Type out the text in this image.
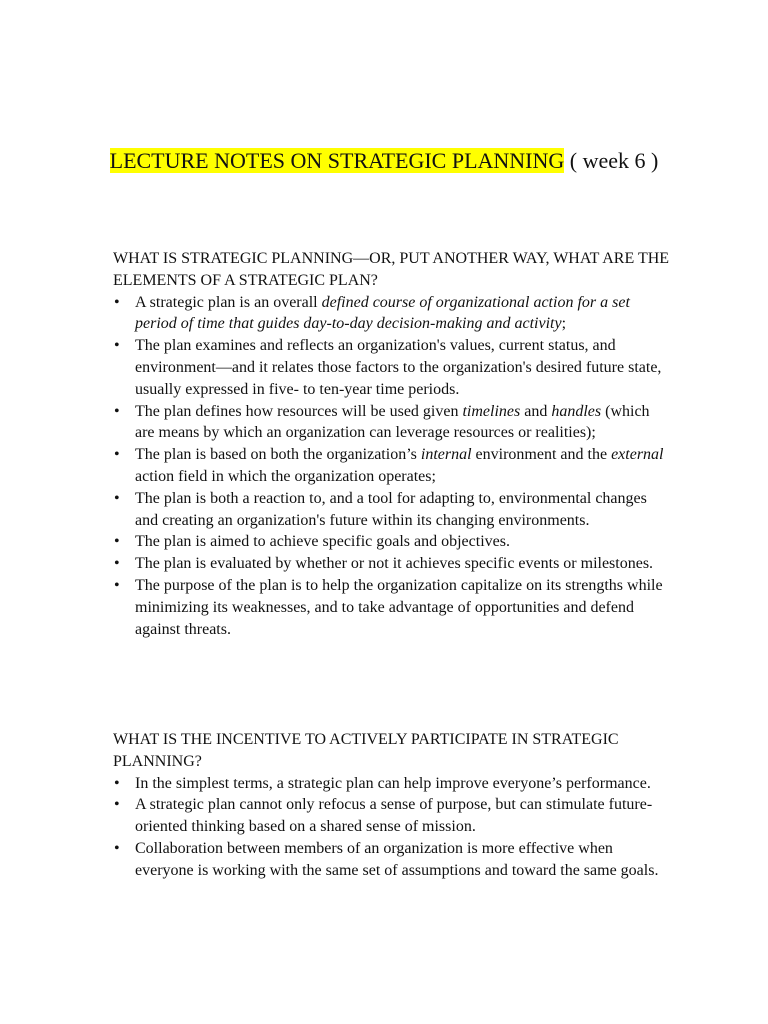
LECTURE NOTES ON STRATEGIC PLANNING ( week 6 )

WHAT IS STRATEGIC PLANNING—OR, PUT ANOTHER WAY, WHAT ARE THE ELEMENTS OF A STRATEGIC PLAN?

• A strategic plan is an overall defined course of organizational action for a set period of time that guides day-to-day decision-making and activity;
• The plan examines and reflects an organization's values, current status, and environment—and it relates those factors to the organization's desired future state, usually expressed in five- to ten-year time periods.
• The plan defines how resources will be used given timelines and handles (which are means by which an organization can leverage resources or realities);
• The plan is based on both the organization’s internal environment and the external action field in which the organization operates;
• The plan is both a reaction to, and a tool for adapting to, environmental changes and creating an organization's future within its changing environments.
• The plan is aimed to achieve specific goals and objectives.
• The plan is evaluated by whether or not it achieves specific events or milestones.
• The purpose of the plan is to help the organization capitalize on its strengths while minimizing its weaknesses, and to take advantage of opportunities and defend against threats.

WHAT IS THE INCENTIVE TO ACTIVELY PARTICIPATE IN STRATEGIC PLANNING?

• In the simplest terms, a strategic plan can help improve everyone’s performance.
• A strategic plan cannot only refocus a sense of purpose, but can stimulate future-oriented thinking based on a shared sense of mission.
• Collaboration between members of an organization is more effective when everyone is working with the same set of assumptions and toward the same goals.
